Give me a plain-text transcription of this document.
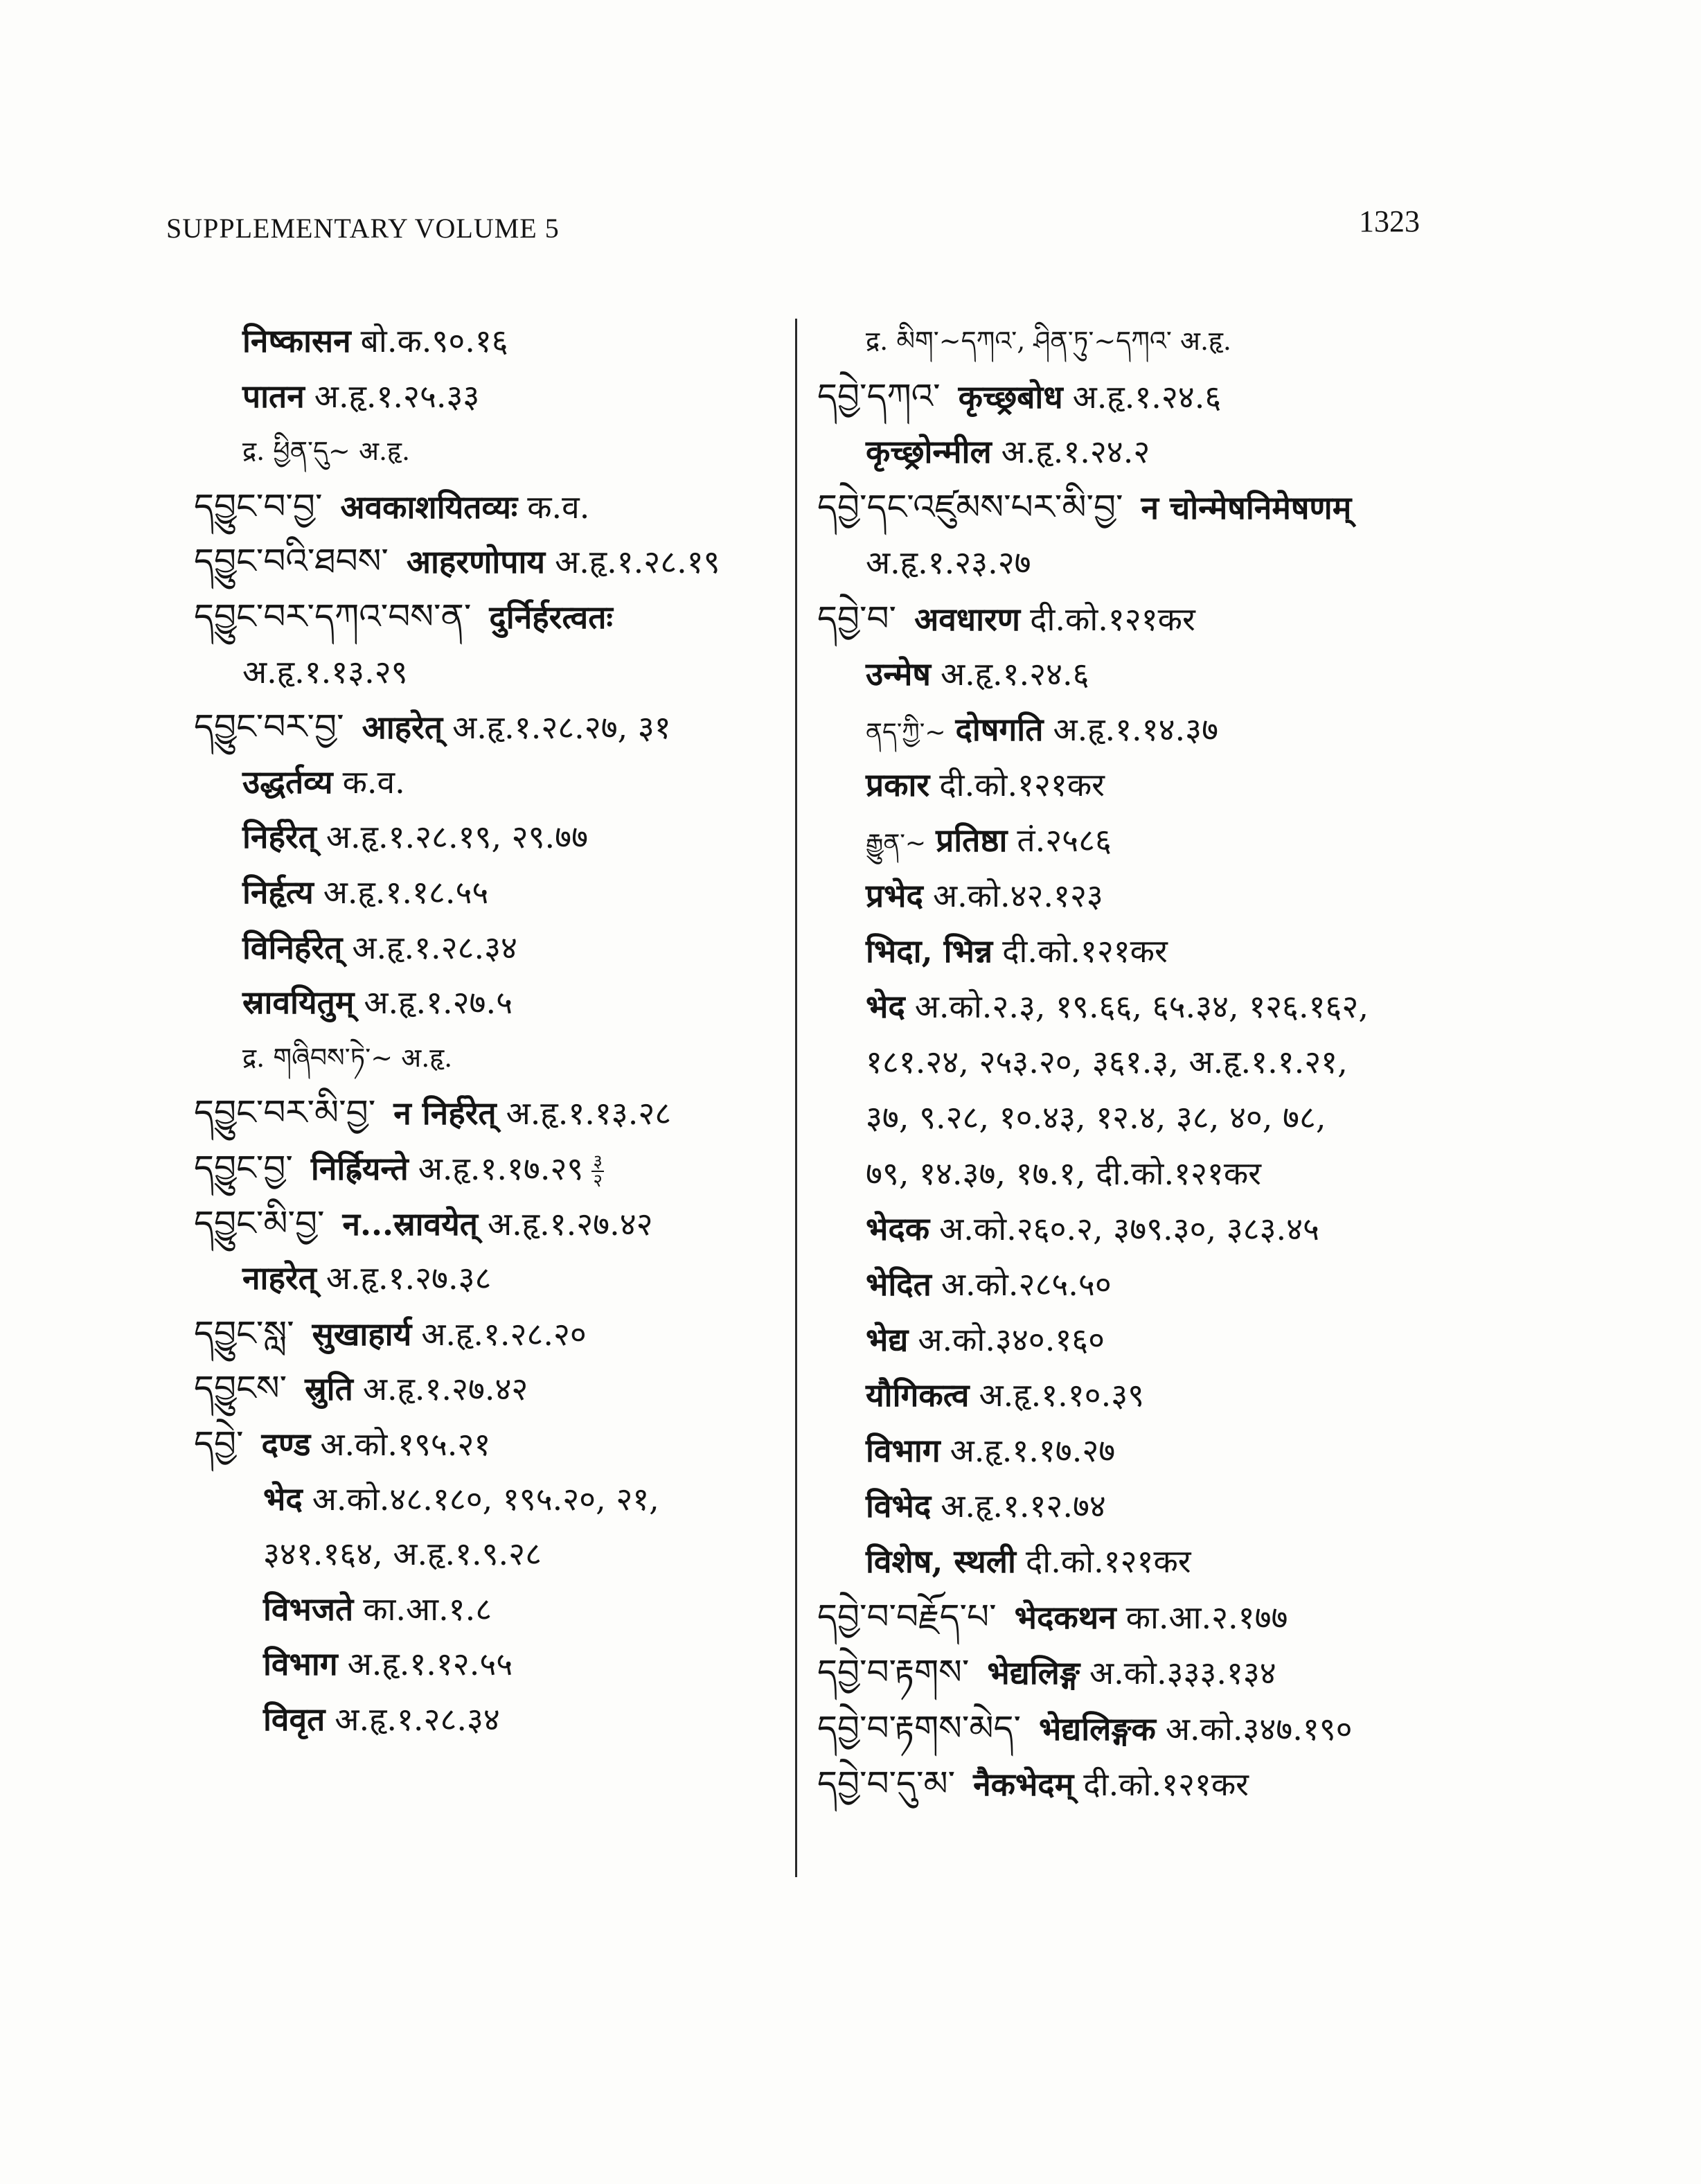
SUPPLEMENTARY VOLUME 5	1323
निष्कासन बो.क.९०.१६
पातन अ.हृ.१.२५.३३
द्र. ཕྱིན་དུ~ अ.हृ.
དབྱུང་བ་བྱ་ अवकाशयितव्यः क.व.
དབྱུང་བའི་ཐབས་ आहरणोपाय अ.हृ.१.२८.१९
དབྱུང་བར་དཀའ་བས་ན་ दुर्निर्हरत्वतः
अ.हृ.१.१३.२९
དབྱུང་བར་བྱ་ आहरेत् अ.हृ.१.२८.२७, ३१
उद्धर्तव्य क.व.
निर्हरेत् अ.हृ.१.२८.१९, २९.७७
निर्हृत्य अ.हृ.१.१८.५५
विनिर्हरेत् अ.हृ.१.२८.३४
स्रावयितुम् अ.हृ.१.२७.५
द्र. གཞིབས་ཏེ་~ अ.हृ.
དབྱུང་བར་མི་བྱ་ न निर्हरेत् अ.हृ.१.१३.२८
དབྱུང་བྱ་ निर्ह्रियन्ते अ.हृ.१.१७.२९ $\frac{३}{२}$
དབྱུང་མི་བྱ་ न...स्रावयेत् अ.हृ.१.२७.४२
नाहरेत् अ.हृ.१.२७.३८
དབྱུང་སླ་ सुखाहार्य अ.हृ.१.२८.२०
དབྱུངས་ स्रुति अ.हृ.१.२७.४२
དབྱེ་ दण्ड अ.को.१९५.२१
भेद अ.को.४८.१८०, १९५.२०, २१,
३४१.१६४, अ.हृ.१.९.२८
विभजते का.आ.१.८
विभाग अ.हृ.१.१२.५५
विवृत अ.हृ.१.२८.३४
द्र. མིག་~དཀའ་, ཤིན་ཏུ་~དཀའ་ अ.हृ.
དབྱེ་དཀའ་ कृच्छ्रबोध अ.हृ.१.२४.६
कृच्छ्रोन्मील अ.हृ.१.२४.२
དབྱེ་དང་འཛུམས་པར་མི་བྱ་ न चोन्मेषनिमेषणम्
अ.हृ.१.२३.२७
དབྱེ་བ་ अवधारण दी.को.१२१कर
उन्मेष अ.हृ.१.२४.६
ནད་ཀྱི་~ दोषगति अ.हृ.१.१४.३७
प्रकार दी.को.१२१कर
རྒྱུན་~ प्रतिष्ठा तं.२५८६
प्रभेद अ.को.४२.१२३
भिदा, भिन्न दी.को.१२१कर
भेद अ.को.२.३, १९.६६, ६५.३४, १२६.१६२,
१८१.२४, २५३.२०, ३६१.३, अ.हृ.१.१.२१,
३७, ९.२८, १०.४३, १२.४, ३८, ४०, ७८,
७९, १४.३७, १७.१, दी.को.१२१कर
भेदक अ.को.२६०.२, ३७९.३०, ३८३.४५
भेदित अ.को.२८५.५०
भेद्य अ.को.३४०.१६०
यौगिकत्व अ.हृ.१.१०.३९
विभाग अ.हृ.१.१७.२७
विभेद अ.हृ.१.१२.७४
विशेष, स्थली दी.को.१२१कर
དབྱེ་བ་བརྗོད་པ་ भेदकथन का.आ.२.१७७
དབྱེ་བ་རྟགས་ भेद्यलिङ्ग अ.को.३३३.१३४
དབྱེ་བ་རྟགས་མེད་ भेद्यलिङ्गक अ.को.३४७.१९०
དབྱེ་བ་དུ་མ་ नैकभेदम् दी.को.१२१कर
